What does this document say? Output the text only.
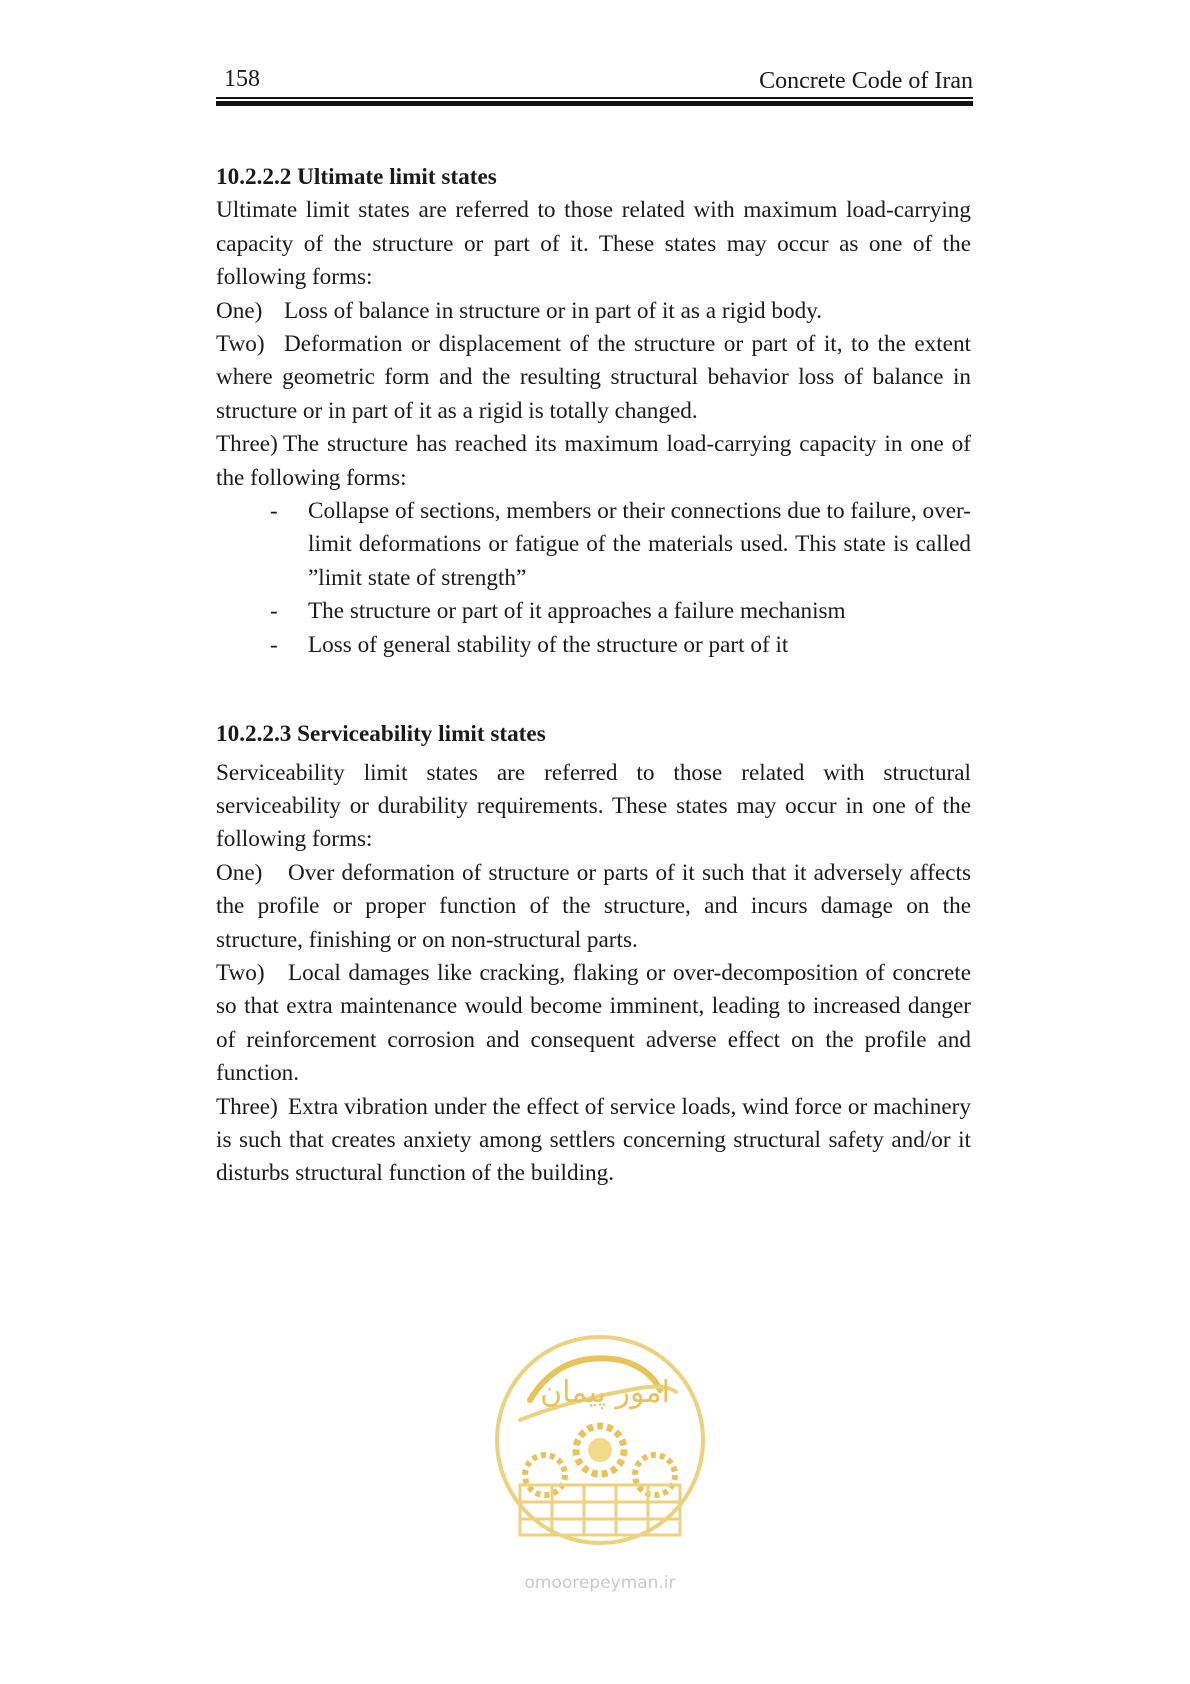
158	Concrete Code of Iran

10.2.2.2 Ultimate limit states

Ultimate limit states are referred to those related with maximum load-carrying capacity of the structure or part of it. These states may occur as one of the following forms:

One) Loss of balance in structure or in part of it as a rigid body.

Two) Deformation or displacement of the structure or part of it, to the extent where geometric form and the resulting structural behavior loss of balance in structure or in part of it as a rigid is totally changed.

Three) The structure has reached its maximum load-carrying capacity in one of the following forms:

- Collapse of sections, members or their connections due to failure, over-limit deformations or fatigue of the materials used. This state is called ”limit state of strength”
- The structure or part of it approaches a failure mechanism
- Loss of general stability of the structure or part of it

10.2.2.3 Serviceability limit states

Serviceability limit states are referred to those related with structural serviceability or durability requirements. These states may occur in one of the following forms:

One) Over deformation of structure or parts of it such that it adversely affects the profile or proper function of the structure, and incurs damage on the structure, finishing or on non-structural parts.

Two) Local damages like cracking, flaking or over-decomposition of concrete so that extra maintenance would become imminent, leading to increased danger of reinforcement corrosion and consequent adverse effect on the profile and function.

Three) Extra vibration under the effect of service loads, wind force or machinery is such that creates anxiety among settlers concerning structural safety and/or it disturbs structural function of the building.

امور پیمان
omoorepeyman.ir
